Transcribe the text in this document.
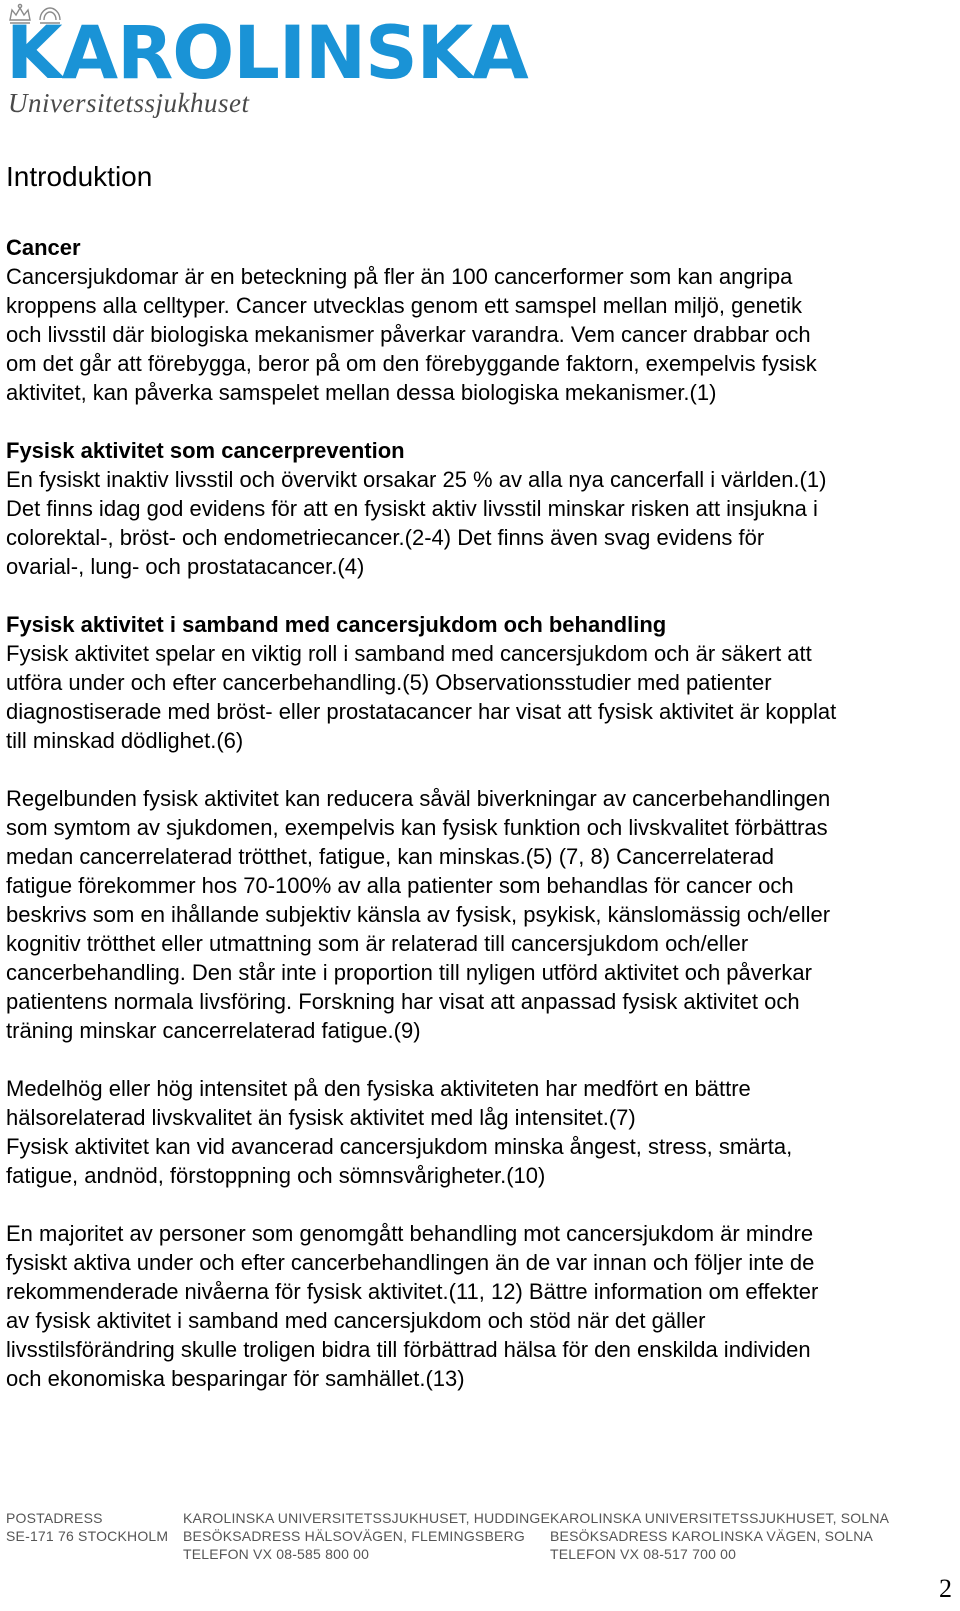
KAROLINSKA
Universitetssjukhuset
Introduktion
Cancer

Cancersjukdomar är en beteckning på fler än 100 cancerformer som kan angripa
kroppens alla celltyper. Cancer utvecklas genom ett samspel mellan miljö, genetik
och livsstil där biologiska mekanismer påverkar varandra. Vem cancer drabbar och
om det går att förebygga, beror på om den förebyggande faktorn, exempelvis fysisk
aktivitet, kan påverka samspelet mellan dessa biologiska mekanismer.(1)

Fysisk aktivitet som cancerprevention

En fysiskt inaktiv livsstil och övervikt orsakar 25 % av alla nya cancerfall i världen.(1)
Det finns idag god evidens för att en fysiskt aktiv livsstil minskar risken att insjukna i
colorektal-, bröst- och endometriecancer.(2-4) Det finns även svag evidens för
ovarial-, lung- och prostatacancer.(4)

Fysisk aktivitet i samband med cancersjukdom och behandling

Fysisk aktivitet spelar en viktig roll i samband med cancersjukdom och är säkert att
utföra under och efter cancerbehandling.(5) Observationsstudier med patienter
diagnostiserade med bröst- eller prostatacancer har visat att fysisk aktivitet är kopplat
till minskad dödlighet.(6)

Regelbunden fysisk aktivitet kan reducera såväl biverkningar av cancerbehandlingen
som symtom av sjukdomen, exempelvis kan fysisk funktion och livskvalitet förbättras
medan cancerrelaterad trötthet, fatigue, kan minskas.(5) (7, 8) Cancerrelaterad
fatigue förekommer hos 70-100% av alla patienter som behandlas för cancer och
beskrivs som en ihållande subjektiv känsla av fysisk, psykisk, känslomässig och/eller
kognitiv trötthet eller utmattning som är relaterad till cancersjukdom och/eller
cancerbehandling. Den står inte i proportion till nyligen utförd aktivitet och påverkar
patientens normala livsföring. Forskning har visat att anpassad fysisk aktivitet och
träning minskar cancerrelaterad fatigue.(9)

Medelhög eller hög intensitet på den fysiska aktiviteten har medfört en bättre
hälsorelaterad livskvalitet än fysisk aktivitet med låg intensitet.(7)
Fysisk aktivitet kan vid avancerad cancersjukdom minska ångest, stress, smärta,
fatigue, andnöd, förstoppning och sömnsvårigheter.(10)

En majoritet av personer som genomgått behandling mot cancersjukdom är mindre
fysiskt aktiva under och efter cancerbehandlingen än de var innan och följer inte de
rekommenderade nivåerna för fysisk aktivitet.(11, 12) Bättre information om effekter
av fysisk aktivitet i samband med cancersjukdom och stöd när det gäller
livsstilsförändring skulle troligen bidra till förbättrad hälsa för den enskilda individen
och ekonomiska besparingar för samhället.(13)

POSTADRESS
SE-171 76 STOCKHOLM
KAROLINSKA UNIVERSITETSSJUKHUSET, HUDDINGE
BESÖKSADRESS HÄLSOVÄGEN, FLEMINGSBERG
TELEFON VX 08-585 800 00
KAROLINSKA UNIVERSITETSSJUKHUSET, SOLNA
BESÖKSADRESS KAROLINSKA VÄGEN, SOLNA
TELEFON VX 08-517 700 00
2
